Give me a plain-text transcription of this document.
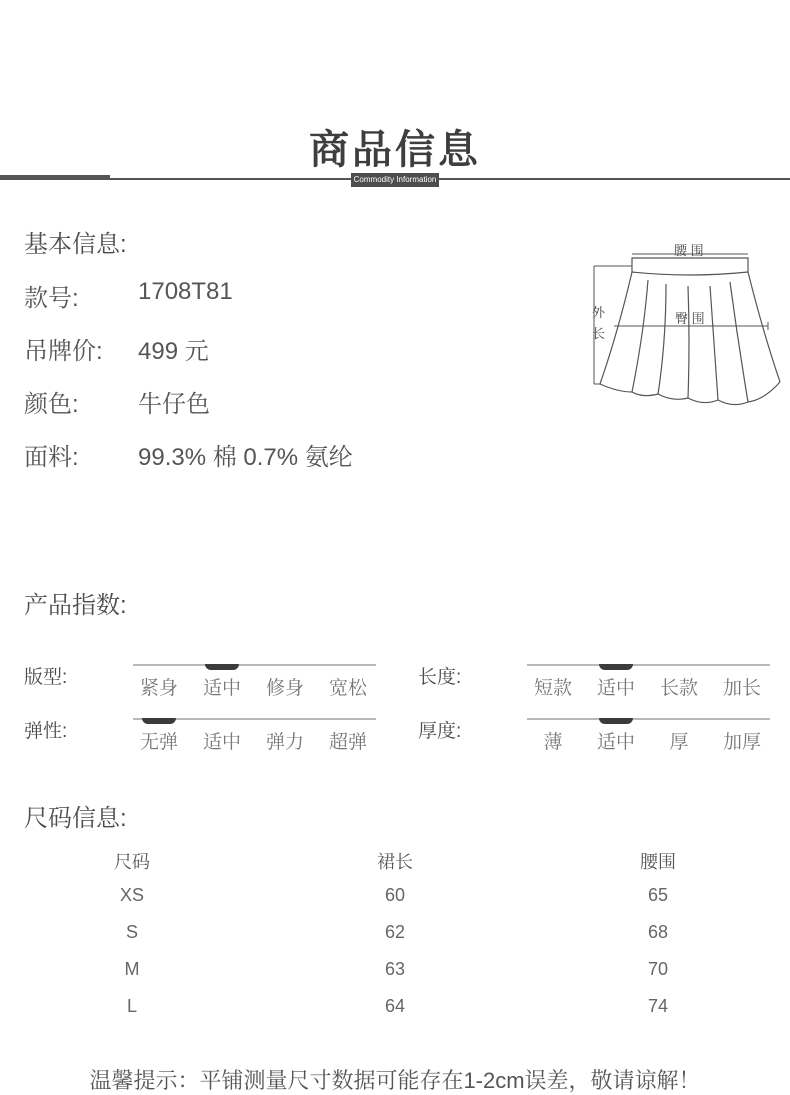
商品信息
Commodity Information
基本信息:
款号: 1708T81
吊牌价: 499 元
颜色: 牛仔色
面料: 99.3% 棉 0.7% 氨纶
腰 围
臀 围
外
长
产品指数:
版型:
紧身	适中	修身	宽松
长度:
短款	适中	长款	加长
弹性:
无弹	适中	弹力	超弹
厚度:
薄	适中	厚	加厚
尺码信息:
尺码	裙长	腰围
XS	60	65
S	62	68
M	63	70
L	64	74
温馨提示：平铺测量尺寸数据可能存在1-2cm误差，敬请谅解！
